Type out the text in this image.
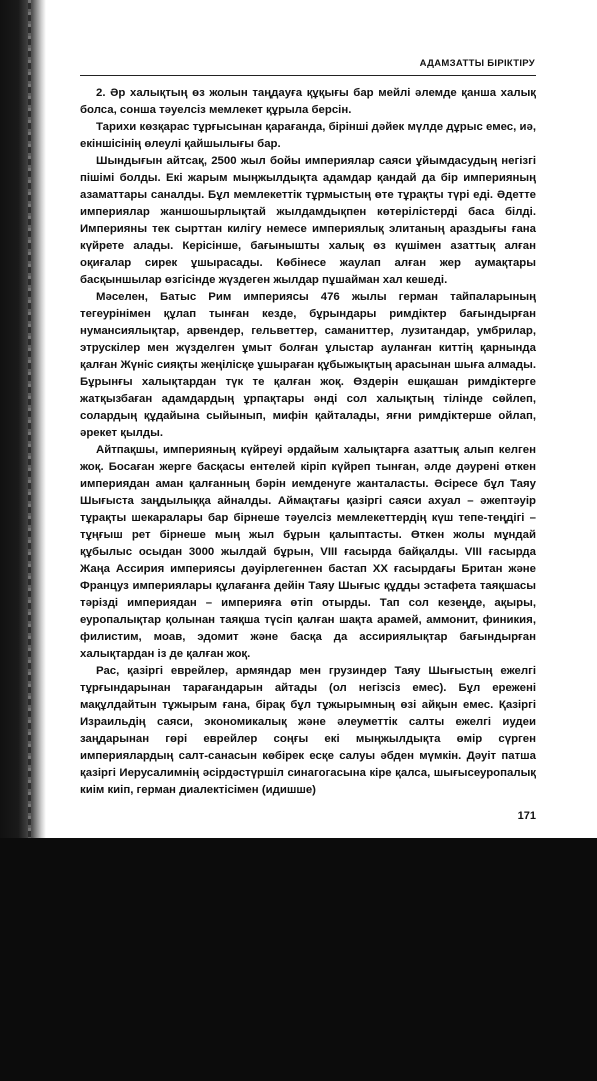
АДАМЗАТТЫ БІРІКТІРУ

2. Әр халықтың өз жолын таңдауға құқығы бар мейлі әлемде қанша халық болса, сонша тәуелсіз мемлекет құрыла берсін.

Тарихи көзқарас тұрғысынан қарағанда, бірінші дәйек мүлде дұрыс емес, иә, екіншісінің өлеулі қайшылығы бар.

Шындығын айтсақ, 2500 жыл бойы империялар саяси ұйымдасудың негізгі пішімі болды. Екі жарым мыңжылдықта адамдар қандай да бір империяның азаматтары саналды. Бұл мемлекеттік тұрмыстың өте тұрақты түрі еді. Әдетте империялар жаншошырлықтай жылдамдықпен көтерілістерді баса білді. Империяны тек сырттан килігу немесе империялық элитаның араздығы ғана күйрете алады. Керісінше, бағынышты халық өз күшімен азаттық алған оқиғалар сирек ұшырасады. Көбінесе жаулап алған жер аумақтары басқыншылар өзгісінде жүздеген жылдар пұшайман хал кешеді.

Мәселен, Батыс Рим империясы 476 жылы герман тайпаларының тегеурінімен құлап тынған кезде, бұрындары римдіктер бағындырған нумансиялықтар, арвендер, гельветтер, саманиттер, лузитандар, умбрилар, этрускілер мен жүзделген ұмыт болған ұлыстар ауланған киттің қарнында қалған Жүніс сияқты жеңілісқе ұшыраған құбыжықтың арасынан шыға алмады. Бұрынғы халықтардан түк те қалған жоқ. Өздерін ешқашан римдіктерге жатқызбаған адамдардың ұрпақтары әнді сол халықтың тілінде сөйлеп, солардың құдайына сыйынып, мифін қайталады, яғни римдіктерше ойлап, әрекет қылды.

Айтпақшы, империяның күйреуі әрдайым халықтарға азаттық алып келген жоқ. Босаған жерге басқасы ентелей кіріп күйреп тынған, әлде дәурені өткен империядан аман қалғанның бәрін иемденуге жанталасты. Әсіресе бұл Таяу Шығыста заңдылыққа айналды. Аймақтағы қазіргі саяси ахуал – әжептәуір тұрақты шекаралары бар бірнеше тәуелсіз мемлекеттердің күш тепе-теңдігі – тұңғыш рет бірнеше мың жыл бұрын қалыптасты. Өткен жолы мұндай құбылыс осыдан 3000 жылдай бұрын, VIII ғасырда байқалды. VIII ғасырда Жаңа Ассирия империясы дәуірлегеннен бастап XX ғасырдағы Британ және Француз империялары құлағанға дейін Таяу Шығыс құдды эстафета таяқшасы тәрізді империядан – империяға өтіп отырды. Тап сол кезеңде, ақыры, еуропалықтар қолынан таяқша түсіп қалған шақта арамей, аммонит, финикия, филистим, моав, эдомит және басқа да ассириялықтар бағындырған халықтардан із де қалған жоқ.

Рас, қазіргі еврейлер, армяндар мен грузиндер Таяу Шығыстың ежелгі тұрғындарынан тарағандарын айтады (ол негізсіз емес). Бұл ережені мақұлдайтын тұжырым ғана, бірақ бұл тұжырымның өзі айқын емес. Қазіргі Израильдің саяси, экономикалық және әлеуметтік салты ежелгі иудеи заңдарынан гөрі еврейлер соңғы екі мыңжылдықта өмір сүрген империялардың салт-санасын көбірек есқе салуы әбден мүмкін. Дәуіт патша қазіргі Иерусалимнің әсірдәстүршіл синагогасына кіре қалса, шығысеуропалық киім киіп, герман диалектісімен (идишше)

171
